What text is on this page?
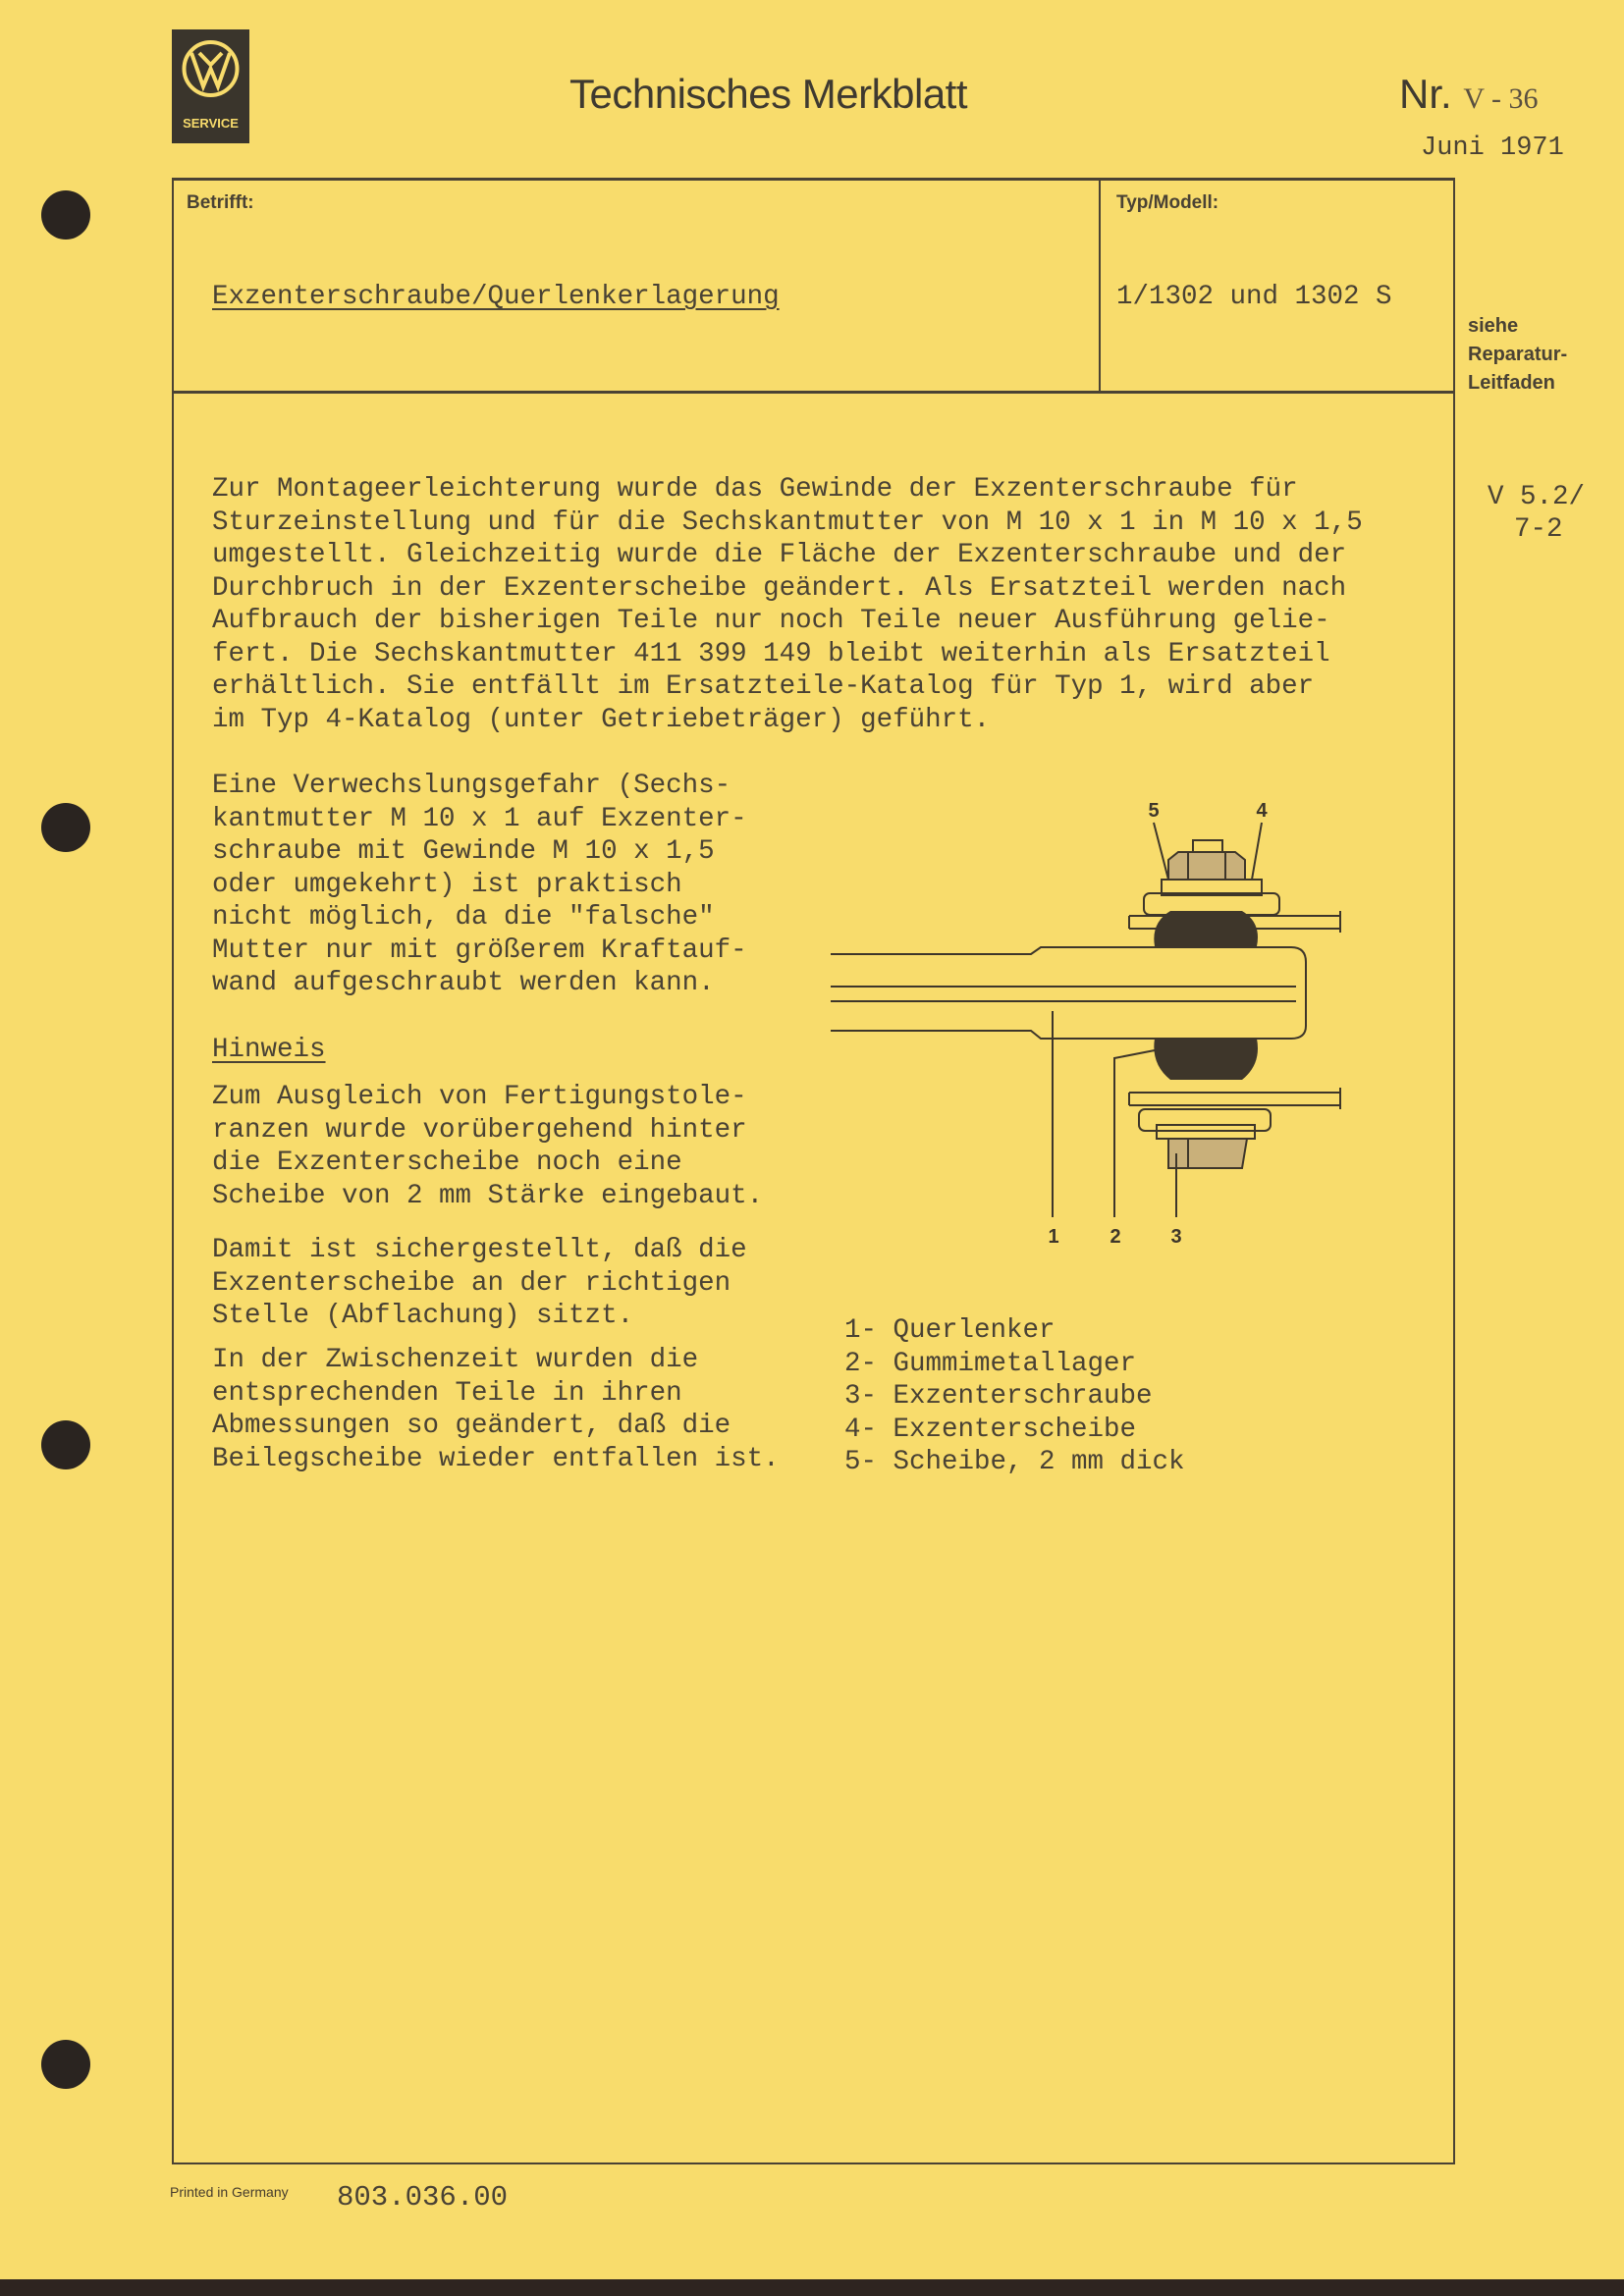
SERVICE
Technisches Merkblatt	Nr. V - 36
Juni 1971
Betrifft:
Exzenterschraube/Querlenkerlagerung
Typ/Modell:
1/1302 und 1302 S
siehe
Reparatur-
Leitfaden
V 5.2/
7-2
Zur Montageerleichterung wurde das Gewinde der Exzenterschraube für
Sturzeinstellung und für die Sechskantmutter von M 10 x 1 in M 10 x 1,5
umgestellt. Gleichzeitig wurde die Fläche der Exzenterschraube und der
Durchbruch in der Exzenterscheibe geändert. Als Ersatzteil werden nach
Aufbrauch der bisherigen Teile nur noch Teile neuer Ausführung gelie-
fert. Die Sechskantmutter 411 399 149 bleibt weiterhin als Ersatzteil
erhältlich. Sie entfällt im Ersatzteile-Katalog für Typ 1, wird aber
im Typ 4-Katalog (unter Getriebeträger) geführt.
Eine Verwechslungsgefahr (Sechs-
kantmutter M 10 x 1 auf Exzenter-
schraube mit Gewinde M 10 x 1,5
oder umgekehrt) ist praktisch
nicht möglich, da die "falsche"
Mutter nur mit größerem Kraftauf-
wand aufgeschraubt werden kann.
Hinweis
Zum Ausgleich von Fertigungstole-
ranzen wurde vorübergehend hinter
die Exzenterscheibe noch eine
Scheibe von 2 mm Stärke eingebaut.
Damit ist sichergestellt, daß die
Exzenterscheibe an der richtigen
Stelle (Abflachung) sitzt.
In der Zwischenzeit wurden die
entsprechenden Teile in ihren
Abmessungen so geändert, daß die
Beilegscheibe wieder entfallen ist.
5	4
1	2	3
1- Querlenker
2- Gummimetallager
3- Exzenterschraube
4- Exzenterscheibe
5- Scheibe, 2 mm dick
Printed in Germany 803.036.00
